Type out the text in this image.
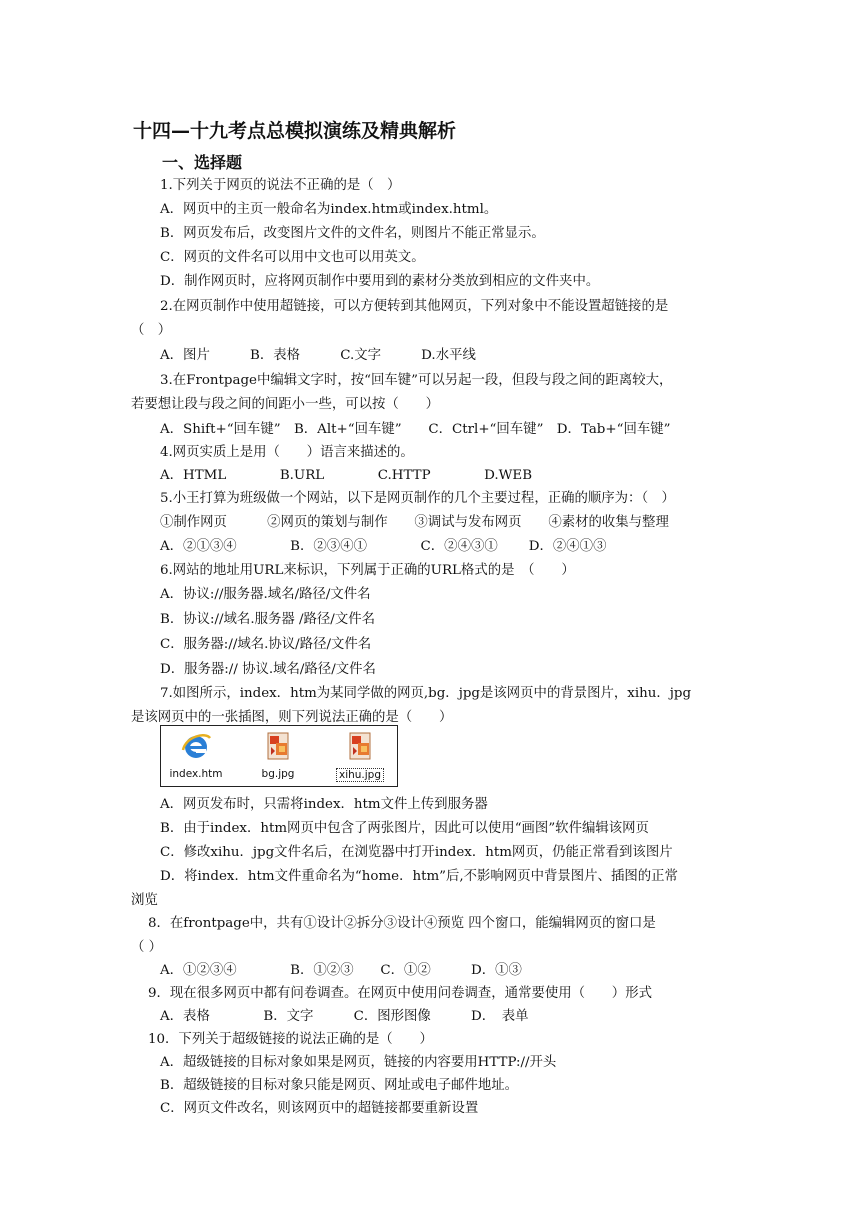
十四—十九考点总模拟演练及精典解析
一、选择题
1.下列关于网页的说法不正确的是（　）
A．网页中的主页一般命名为index.htm或index.html。
B．网页发布后，改变图片文件的文件名，则图片不能正常显示。
C．网页的文件名可以用中文也可以用英文。
D．制作网页时，应将网页制作中要用到的素材分类放到相应的文件夹中。
2.在网页制作中使用超链接，可以方便转到其他网页，下列对象中不能设置超链接的是
（　）
A．图片　　　B．表格　　　C.文字　　　D.水平线
3.在Frontpage中编辑文字时，按“回车键”可以另起一段，但段与段之间的距离较大，
若要想让段与段之间的间距小一些，可以按（　　）
A．Shift+“回车键”　B．Alt+“回车键”　　C．Ctrl+“回车键”　D．Tab+“回车键”
4.网页实质上是用（　　）语言来描述的。
A．HTML　　　　B.URL　　　　C.HTTP　　　　D.WEB
5.小王打算为班级做一个网站，以下是网页制作的几个主要过程，正确的顺序为：（　）
①制作网页　　　②网页的策划与制作　　③调试与发布网页　　④素材的收集与整理
A．②①③④　　　　B．②③④①　　　　C．②④③①　　 D．②④①③
6.网站的地址用URL来标识，下列属于正确的URL格式的是　（　　）
A．协议://服务器.域名/路径/文件名
B．协议://域名.服务器 /路径/文件名
C．服务器://域名.协议/路径/文件名
D．服务器:// 协议.域名/路径/文件名
7.如图所示，index．htm为某同学做的网页,bg．jpg是该网页中的背景图片，xihu．jpg
是该网页中的一张插图，则下列说法正确的是（　　）
index.htm	bg.jpg	xihu.jpg
A．网页发布时，只需将index．htm文件上传到服务器
B．由于index．htm网页中包含了两张图片，因此可以使用“画图”软件编辑该网页
C．修改xihu．jpg文件名后，在浏览器中打开index．htm网页，仍能正常看到该图片
D．将index．htm文件重命名为“home．htm”后,不影响网页中背景图片、插图的正常
浏览
8．在frontpage中，共有①设计②拆分③设计④预览 四个窗口，能编辑网页的窗口是
（ ）
A．①②③④　　　　B．①②③　　C．①②　　　D．①③
9．现在很多网页中都有问卷调查。在网页中使用问卷调查，通常要使用（　　）形式
A．表格　　　　B．文字　　　C．图形图像　　　D．　表单
10．下列关于超级链接的说法正确的是（　　）
A．超级链接的目标对象如果是网页，链接的内容要用HTTP://开头
B．超级链接的目标对象只能是网页、网址或电子邮件地址。
C．网页文件改名，则该网页中的超链接都要重新设置
